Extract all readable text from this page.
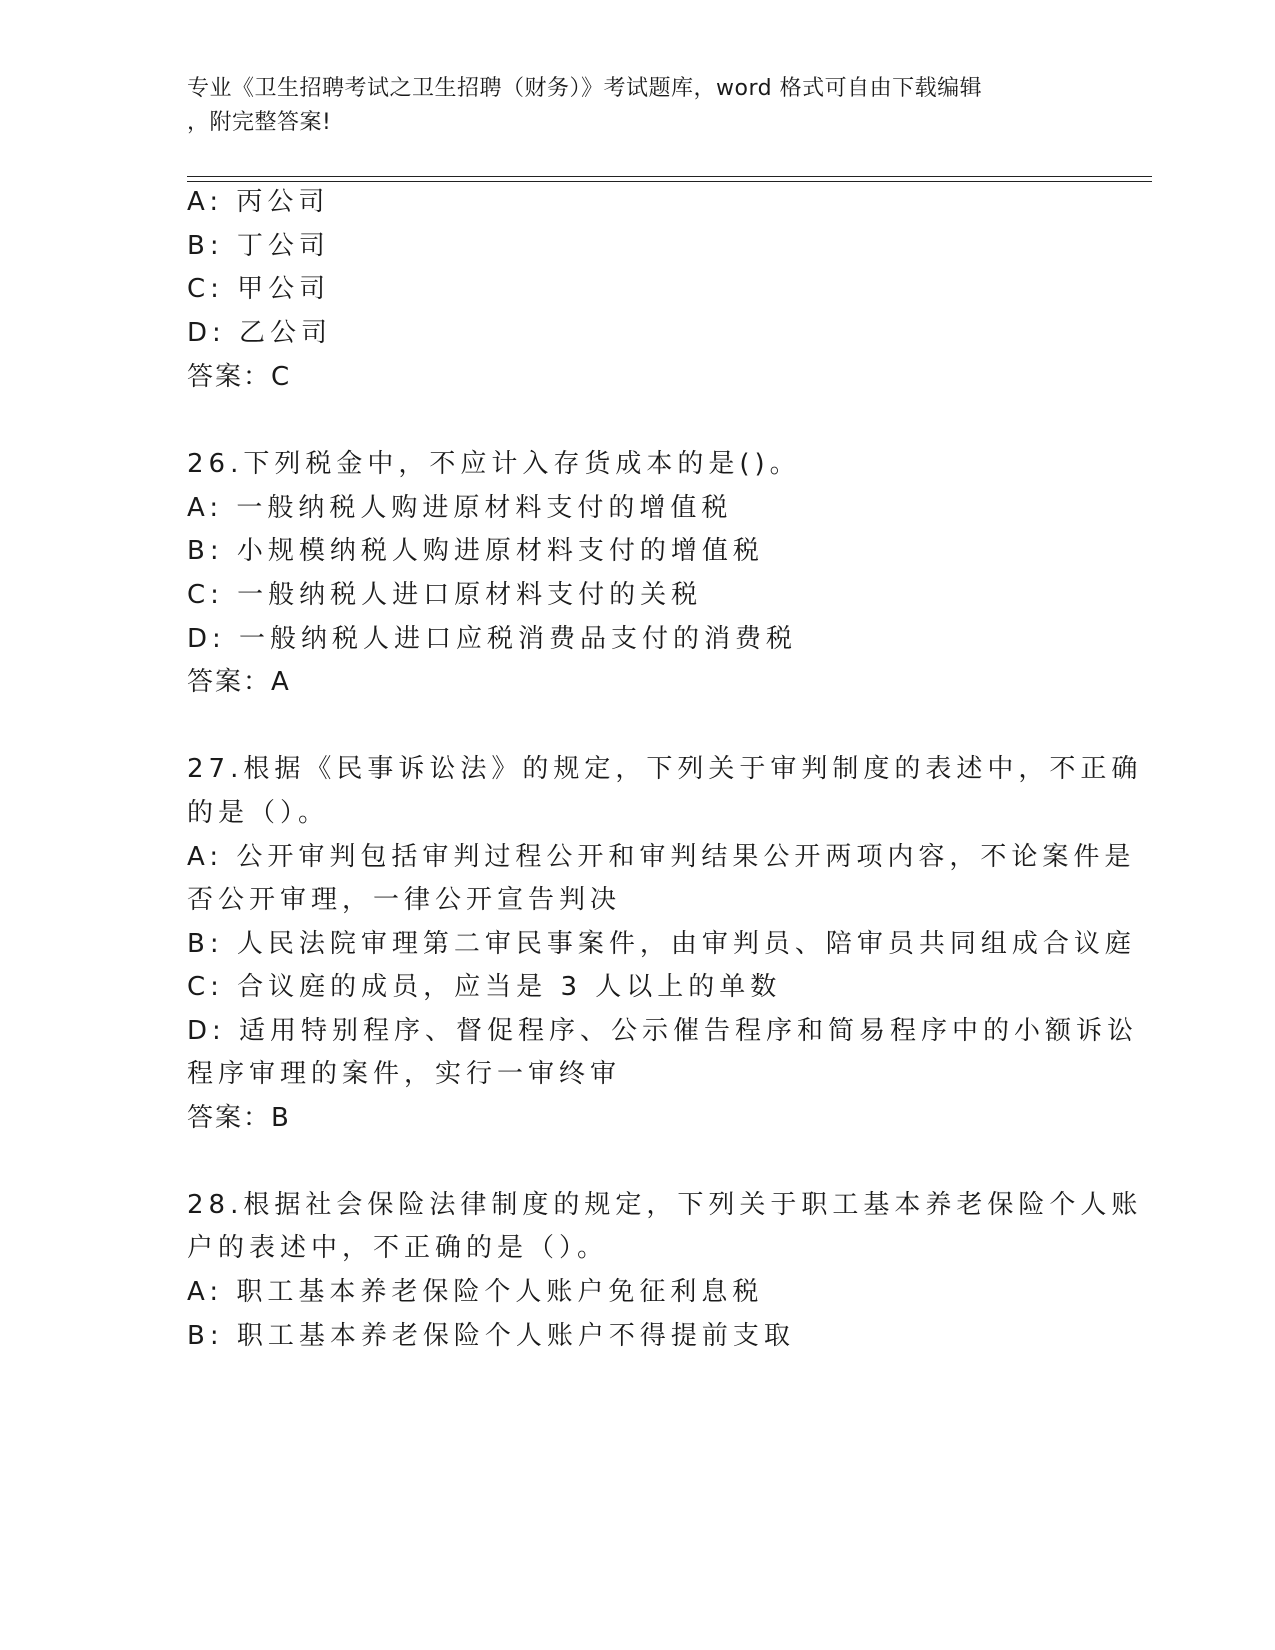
专业《卫生招聘考试之卫生招聘（财务）》考试题库，word 格式可自由下载编辑
，附完整答案!
A: 丙公司
B: 丁公司
C: 甲公司
D: 乙公司
答案：C
26.下列税金中，不应计入存货成本的是()。
A: 一般纳税人购进原材料支付的增值税
B: 小规模纳税人购进原材料支付的增值税
C: 一般纳税人进口原材料支付的关税
D: 一般纳税人进口应税消费品支付的消费税
答案：A
27.根据《民事诉讼法》的规定，下列关于审判制度的表述中，不正确
的是（）。
A: 公开审判包括审判过程公开和审判结果公开两项内容，不论案件是
否公开审理，一律公开宣告判决
B: 人民法院审理第二审民事案件，由审判员、陪审员共同组成合议庭
C: 合议庭的成员，应当是 3 人以上的单数
D: 适用特别程序、督促程序、公示催告程序和简易程序中的小额诉讼
程序审理的案件，实行一审终审
答案：B
28.根据社会保险法律制度的规定，下列关于职工基本养老保险个人账
户的表述中，不正确的是（）。
A: 职工基本养老保险个人账户免征利息税
B: 职工基本养老保险个人账户不得提前支取
